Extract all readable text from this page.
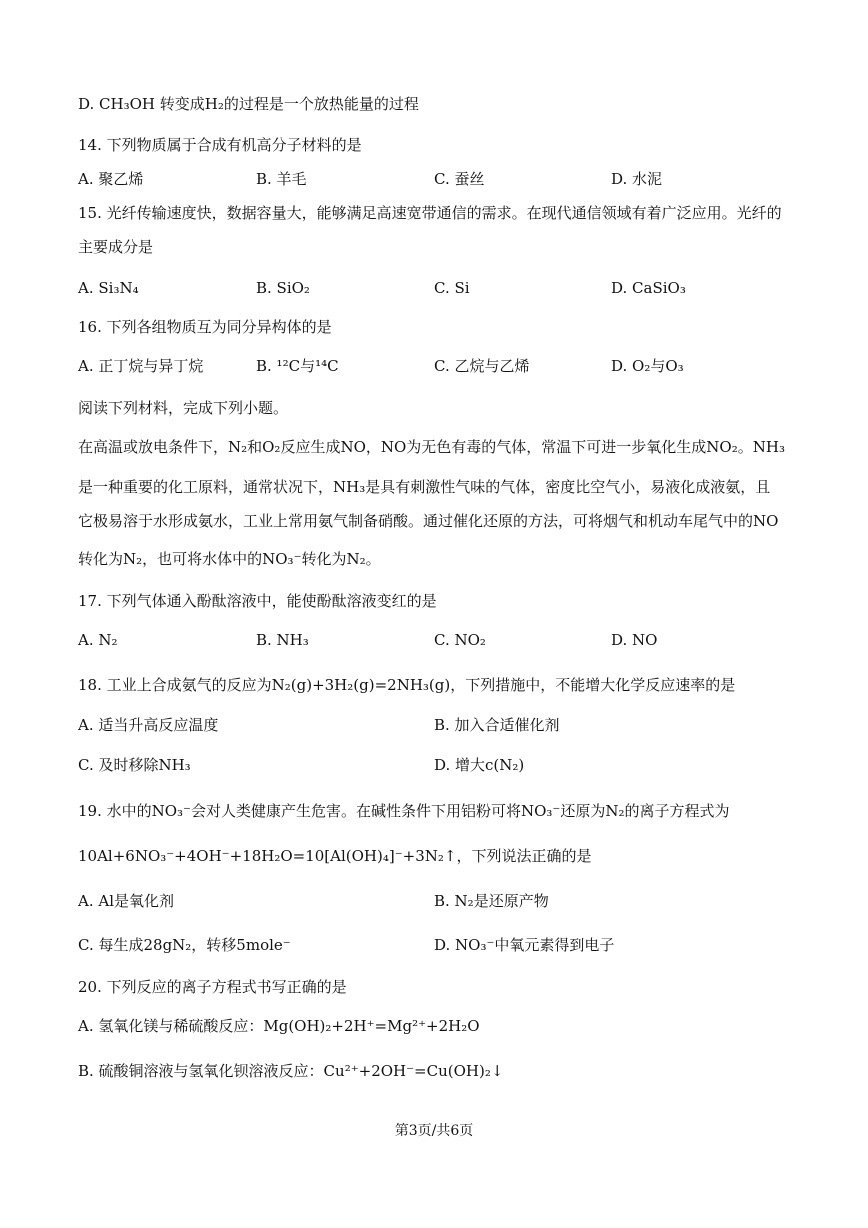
D. CH₃OH 转变成H₂的过程是一个放热能量的过程
14. 下列物质属于合成有机高分子材料的是
A. 聚乙烯	B. 羊毛	C. 蚕丝	D. 水泥
15. 光纤传输速度快，数据容量大，能够满足高速宽带通信的需求。在现代通信领域有着广泛应用。光纤的
主要成分是
A. Si₃N₄	B. SiO₂	C. Si	D. CaSiO₃
16. 下列各组物质互为同分异构体的是
A. 正丁烷与异丁烷	B. ¹²C与¹⁴C	C. 乙烷与乙烯	D. O₂与O₃
阅读下列材料，完成下列小题。
在高温或放电条件下，N₂和O₂反应生成NO，NO为无色有毒的气体，常温下可进一步氧化生成NO₂。NH₃
是一种重要的化工原料，通常状况下，NH₃是具有刺激性气味的气体，密度比空气小，易液化成液氨，且
它极易溶于水形成氨水，工业上常用氨气制备硝酸。通过催化还原的方法，可将烟气和机动车尾气中的NO
转化为N₂，也可将水体中的NO₃⁻转化为N₂。
17. 下列气体通入酚酞溶液中，能使酚酞溶液变红的是
A. N₂	B. NH₃	C. NO₂	D. NO
18. 工业上合成氨气的反应为N₂(g)+3H₂(g)=2NH₃(g)，下列措施中，不能增大化学反应速率的是
A. 适当升高反应温度	B. 加入合适催化剂
C. 及时移除NH₃	D. 增大c(N₂)
19. 水中的NO₃⁻会对人类健康产生危害。在碱性条件下用铝粉可将NO₃⁻还原为N₂的离子方程式为
10Al+6NO₃⁻+4OH⁻+18H₂O=10[Al(OH)₄]⁻+3N₂↑，下列说法正确的是
A. Al是氧化剂	B. N₂是还原产物
C. 每生成28gN₂，转移5mole⁻	D. NO₃⁻中氧元素得到电子
20. 下列反应的离子方程式书写正确的是
A. 氢氧化镁与稀硫酸反应：Mg(OH)₂+2H⁺=Mg²⁺+2H₂O
B. 硫酸铜溶液与氢氧化钡溶液反应：Cu²⁺+2OH⁻=Cu(OH)₂↓
第3页/共6页
